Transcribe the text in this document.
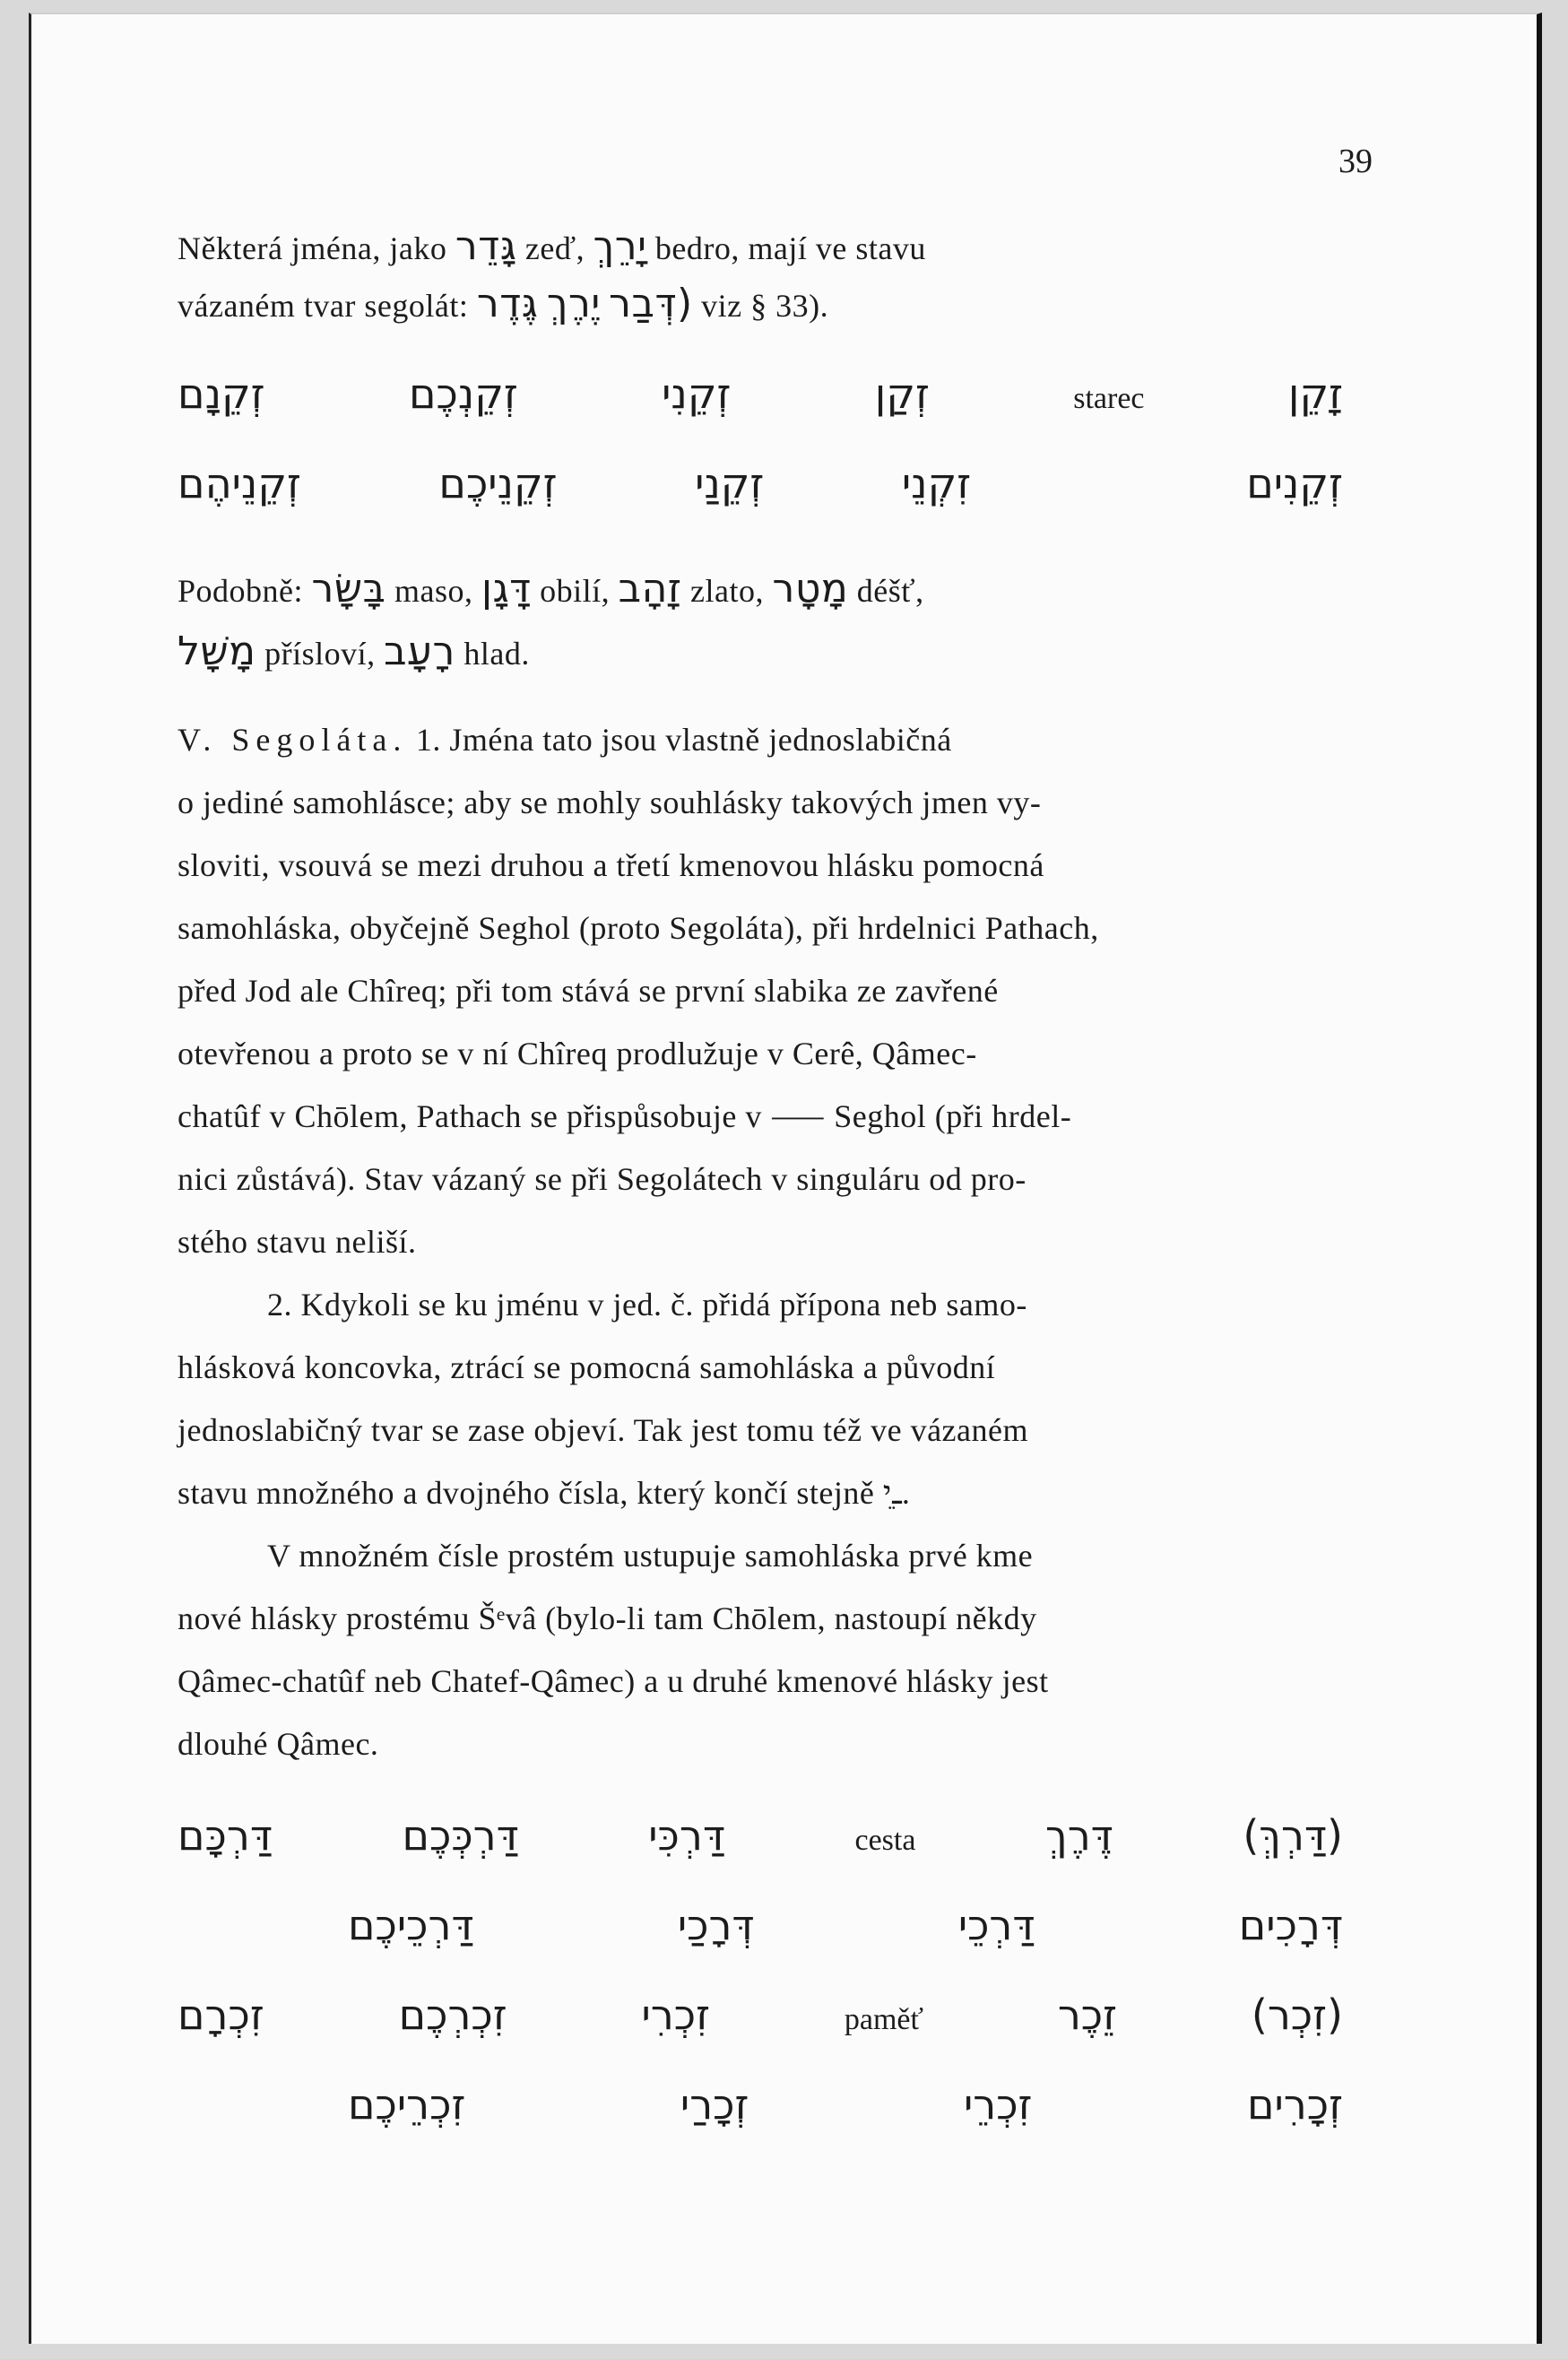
39
Některá jména, jako גָּדֵר zeď, יָרֵךְ bedro, mají ve stavu
vázaném tvar segolát: גֶּדֶר יֶרֶךְ (דְּבַר viz § 33).
זָקֵן
starec
זְקַן
זְקֵנִי
זְקֵנְכֶם
זְקֵנָם
זְקֵנִים
זִקְנֵי
זְקֵנַי
זְקֵנֵיכֶם
זְקֵנֵיהֶם
Podobně: בָּשָׂר maso, דָּגָן obilí, זָהָב zlato, מָטָר déšť,
מָשָׁל přísloví, רָעָב hlad.

V. Segoláta. 1. Jména tato jsou vlastně jednoslabičná

o jediné samohlásce; aby se mohly souhlásky takových jmen vy-

sloviti, vsouvá se mezi druhou a třetí kmenovou hlásku pomocná

samohláska, obyčejně Seghol (proto Segoláta), při hrdelnici Pathach,

před Jod ale Chîreq; při tom stává se první slabika ze zavřené

otevřenou a proto se v ní Chîreq prodlužuje v Cerê, Qâmec-

chatûf v Chōlem, Pathach se přispůsobuje v ⸺ Seghol (při hrdel-

nici zůstává). Stav vázaný se při Segolátech v singuláru od pro-

stého stavu neliší.

2. Kdykoli se ku jménu v jed. č. přidá přípona neb samo-

hlásková koncovka, ztrácí se pomocná samohláska a původní

jednoslabičný tvar se zase objeví. Tak jest tomu též ve vázaném

stavu množného a dvojného čísla, který končí stejně ـֵי.

V množném čísle prostém ustupuje samohláska prvé kme

nové hlásky prostému Šᵉvâ (bylo-li tam Chōlem, nastoupí někdy

Qâmec-chatûf neb Chatef-Qâmec) a u druhé kmenové hlásky jest

dlouhé Qâmec.

(דַּרְךְּ)
דֶּרֶךְ
cesta
דַּרְכִּי
דַּרְכְּכֶם
דַּרְכָּם
דְּרָכִים
דַּרְכֵי
דְּרָכַי
דַּרְכֵיכֶם
(זִכְר)
זֵכֶר
paměť
זִכְרִי
זִכְרְכֶם
זִכְרָם
זְכָרִים
זִכְרֵי
זְכָרַי
זִכְרֵיכֶם
